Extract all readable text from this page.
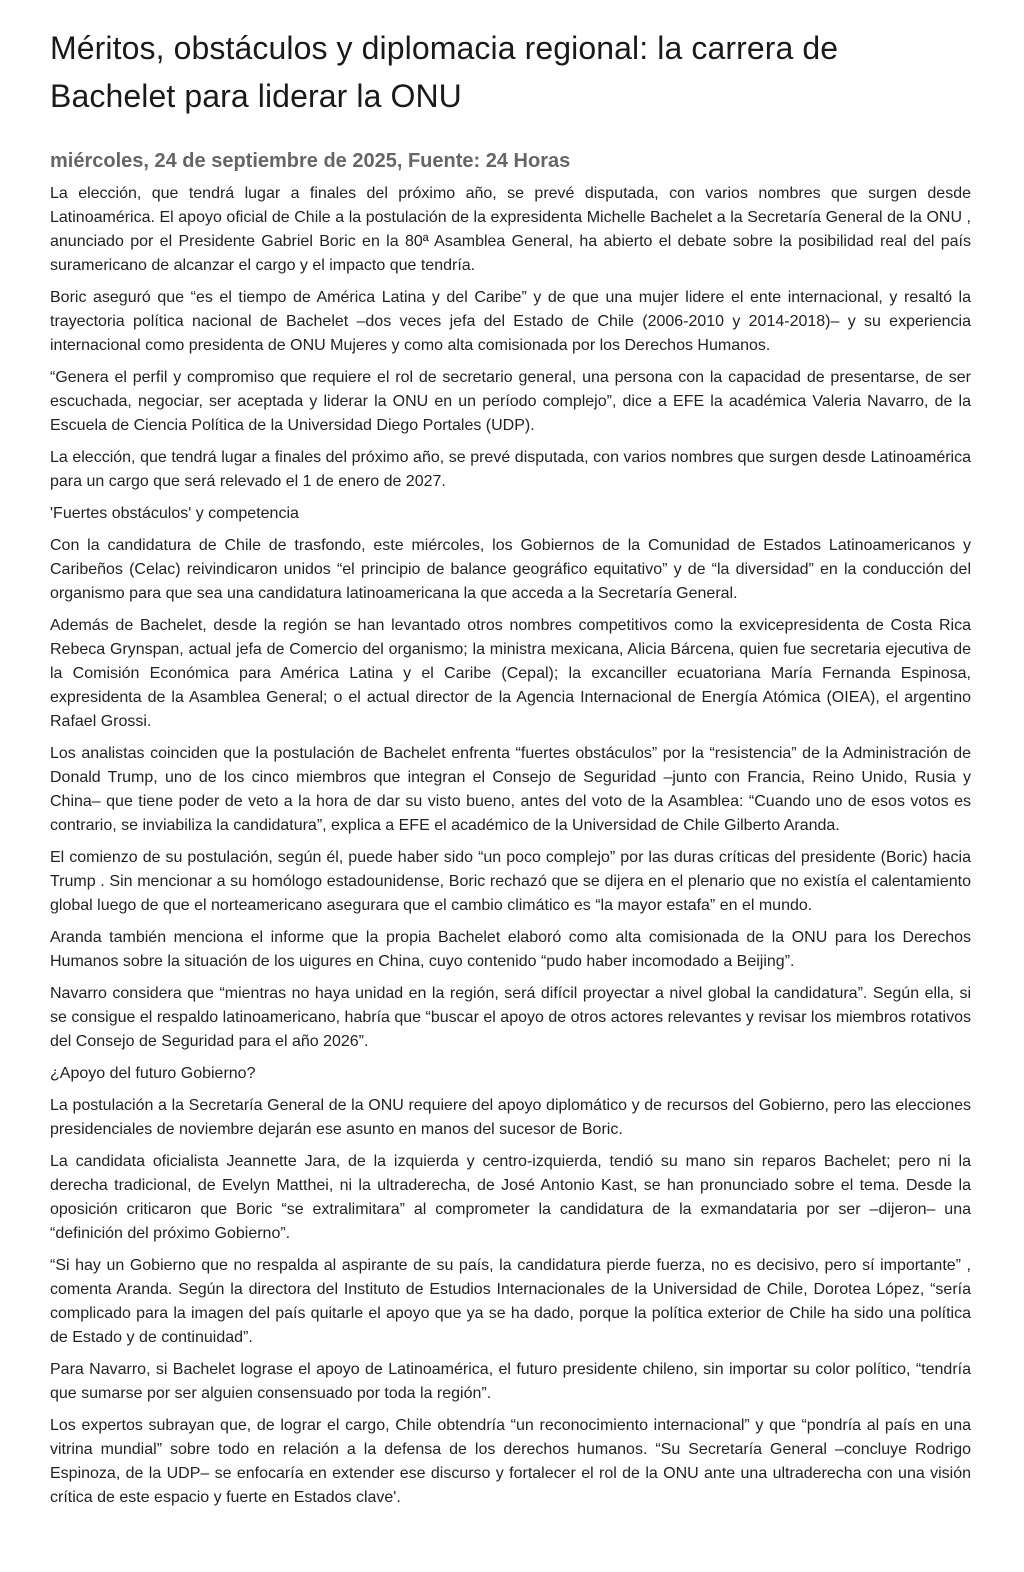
Méritos, obstáculos y diplomacia regional: la carrera de Bachelet para liderar la ONU
miércoles, 24 de septiembre de 2025, Fuente: 24 Horas

La elección, que tendrá lugar a finales del próximo año, se prevé disputada, con varios nombres que surgen desde Latinoamérica. El apoyo oficial de Chile a la postulación de la expresidenta Michelle Bachelet a la Secretaría General de la ONU , anunciado por el Presidente Gabriel Boric en la 80ª Asamblea General, ha abierto el debate sobre la posibilidad real del país suramericano de alcanzar el cargo y el impacto que tendría.

Boric aseguró que “es el tiempo de América Latina y del Caribe” y de que una mujer lidere el ente internacional, y resaltó la trayectoria política nacional de Bachelet –dos veces jefa del Estado de Chile (2006-2010 y 2014-2018)– y su experiencia internacional como presidenta de ONU Mujeres y como alta comisionada por los Derechos Humanos.

“Genera el perfil y compromiso que requiere el rol de secretario general, una persona con la capacidad de presentarse, de ser escuchada, negociar, ser aceptada y liderar la ONU en un período complejo”, dice a EFE la académica Valeria Navarro, de la Escuela de Ciencia Política de la Universidad Diego Portales (UDP).

La elección, que tendrá lugar a finales del próximo año, se prevé disputada, con varios nombres que surgen desde Latinoamérica para un cargo que será relevado el 1 de enero de 2027.

'Fuertes obstáculos' y competencia

Con la candidatura de Chile de trasfondo, este miércoles, los Gobiernos de la Comunidad de Estados Latinoamericanos y Caribeños (Celac) reivindicaron unidos “el principio de balance geográfico equitativo” y de “la diversidad” en la conducción del organismo para que sea una candidatura latinoamericana la que acceda a la Secretaría General.

Además de Bachelet, desde la región se han levantado otros nombres competitivos como la exvicepresidenta de Costa Rica Rebeca Grynspan, actual jefa de Comercio del organismo; la ministra mexicana, Alicia Bárcena, quien fue secretaria ejecutiva de la Comisión Económica para América Latina y el Caribe (Cepal); la excanciller ecuatoriana María Fernanda Espinosa, expresidenta de la Asamblea General; o el actual director de la Agencia Internacional de Energía Atómica (OIEA), el argentino Rafael Grossi.

Los analistas coinciden que la postulación de Bachelet enfrenta “fuertes obstáculos” por la “resistencia” de la Administración de Donald Trump, uno de los cinco miembros que integran el Consejo de Seguridad –junto con Francia, Reino Unido, Rusia y China– que tiene poder de veto a la hora de dar su visto bueno, antes del voto de la Asamblea: “Cuando uno de esos votos es contrario, se inviabiliza la candidatura”, explica a EFE el académico de la Universidad de Chile Gilberto Aranda.

El comienzo de su postulación, según él, puede haber sido “un poco complejo” por las duras críticas del presidente (Boric) hacia Trump . Sin mencionar a su homólogo estadounidense, Boric rechazó que se dijera en el plenario que no existía el calentamiento global luego de que el norteamericano asegurara que el cambio climático es “la mayor estafa” en el mundo.

Aranda también menciona el informe que la propia Bachelet elaboró como alta comisionada de la ONU para los Derechos Humanos sobre la situación de los uigures en China, cuyo contenido “pudo haber incomodado a Beijing”.

Navarro considera que “mientras no haya unidad en la región, será difícil proyectar a nivel global la candidatura”. Según ella, si se consigue el respaldo latinoamericano, habría que “buscar el apoyo de otros actores relevantes y revisar los miembros rotativos del Consejo de Seguridad para el año 2026”.

¿Apoyo del futuro Gobierno?

La postulación a la Secretaría General de la ONU requiere del apoyo diplomático y de recursos del Gobierno, pero las elecciones presidenciales de noviembre dejarán ese asunto en manos del sucesor de Boric.

La candidata oficialista Jeannette Jara, de la izquierda y centro-izquierda, tendió su mano sin reparos Bachelet; pero ni la derecha tradicional, de Evelyn Matthei, ni la ultraderecha, de José Antonio Kast, se han pronunciado sobre el tema. Desde la oposición criticaron que Boric “se extralimitara” al comprometer la candidatura de la exmandataria por ser –dijeron– una “definición del próximo Gobierno”.

“Si hay un Gobierno que no respalda al aspirante de su país, la candidatura pierde fuerza, no es decisivo, pero sí importante” , comenta Aranda. Según la directora del Instituto de Estudios Internacionales de la Universidad de Chile, Dorotea López, “sería complicado para la imagen del país quitarle el apoyo que ya se ha dado, porque la política exterior de Chile ha sido una política de Estado y de continuidad”.

Para Navarro, si Bachelet lograse el apoyo de Latinoamérica, el futuro presidente chileno, sin importar su color político, “tendría que sumarse por ser alguien consensuado por toda la región”.

Los expertos subrayan que, de lograr el cargo, Chile obtendría “un reconocimiento internacional” y que “pondría al país en una vitrina mundial” sobre todo en relación a la defensa de los derechos humanos. “Su Secretaría General –concluye Rodrigo Espinoza, de la UDP– se enfocaría en extender ese discurso y fortalecer el rol de la ONU ante una ultraderecha con una visión crítica de este espacio y fuerte en Estados clave'.
